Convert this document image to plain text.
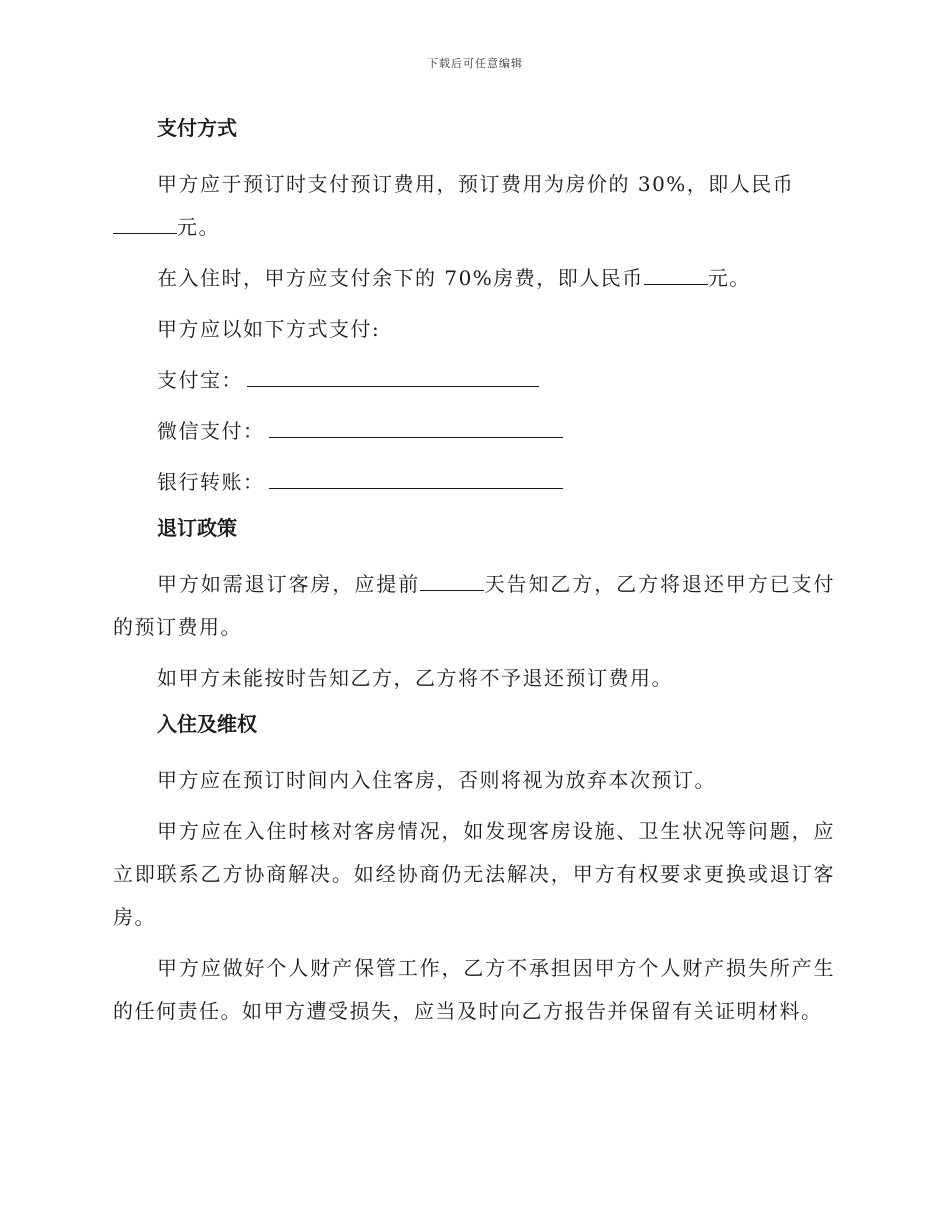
下载后可任意编辑
支付方式
甲方应于预订时支付预订费用，预订费用为房价的 30%，即人民币
元。
在入住时，甲方应支付余下的 70%房费，即人民币	元。
甲方应以如下方式支付:
支付宝：
微信支付：
银行转账：
退订政策
甲方如需退订客房，应提前	天告知乙方，乙方将退还甲方已支付的预订费用。
如甲方未能按时告知乙方，乙方将不予退还预订费用。
入住及维权
甲方应在预订时间内入住客房，否则将视为放弃本次预订。
甲方应在入住时核对客房情况，如发现客房设施、卫生状况等问题，应立即联系乙方协商解决。如经协商仍无法解决，甲方有权要求更换或退订客房。
甲方应做好个人财产保管工作，乙方不承担因甲方个人财产损失所产生的任何责任。如甲方遭受损失，应当及时向乙方报告并保留有关证明材料。
